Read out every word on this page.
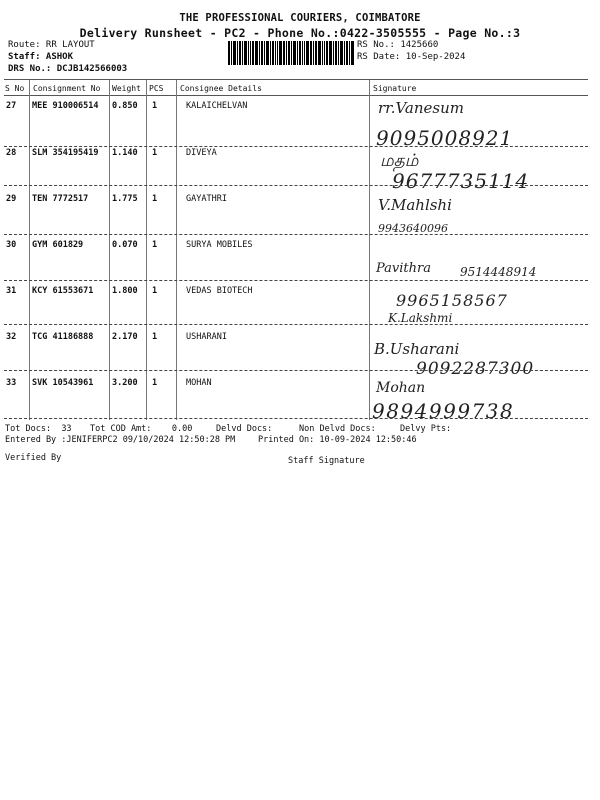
THE PROFESSIONAL COURIERS, COIMBATORE
Delivery Runsheet - PC2 - Phone No.:0422-3505555 - Page No.:3
Route: RR LAYOUT
Staff: ASHOK
DRS No.: DCJB142566003
RS No.: 1425660
RS Date: 10-Sep-2024
S No Consignment No Weight PCS Consignee Details	Signature
27 MEE 910006514 0.850 1	KALAICHELVAN	rr.Vanesum
9095008921
28 SLM 354195419 1.140 1	DIVEYA	மதம்
9677735114
29 TEN 7772517	1.775 1	GAYATHRI	V.Mahlshi
9943640096
30 GYM 601829	0.070 1	SURYA MOBILES
Pavithra 9514448914
31 KCY 61553671 1.800 1	VEDAS BIOTECH	9965158567
K.Lakshmi
32 TCG 41186888 2.170 1	USHARANI
B.Usharani
9092287300
33 SVK 10543961 3.200 1	MOHAN	Mohan
9894999738
Tot Docs: 33 Tot COD Amt: 0.00	Delvd Docs:	Non Delvd Docs:	Delvy Pts:
Entered By :JENIFERPC2 09/10/2024 12:50:28 PM	Printed On: 10-09-2024 12:50:46
Verified By	Staff Signature
